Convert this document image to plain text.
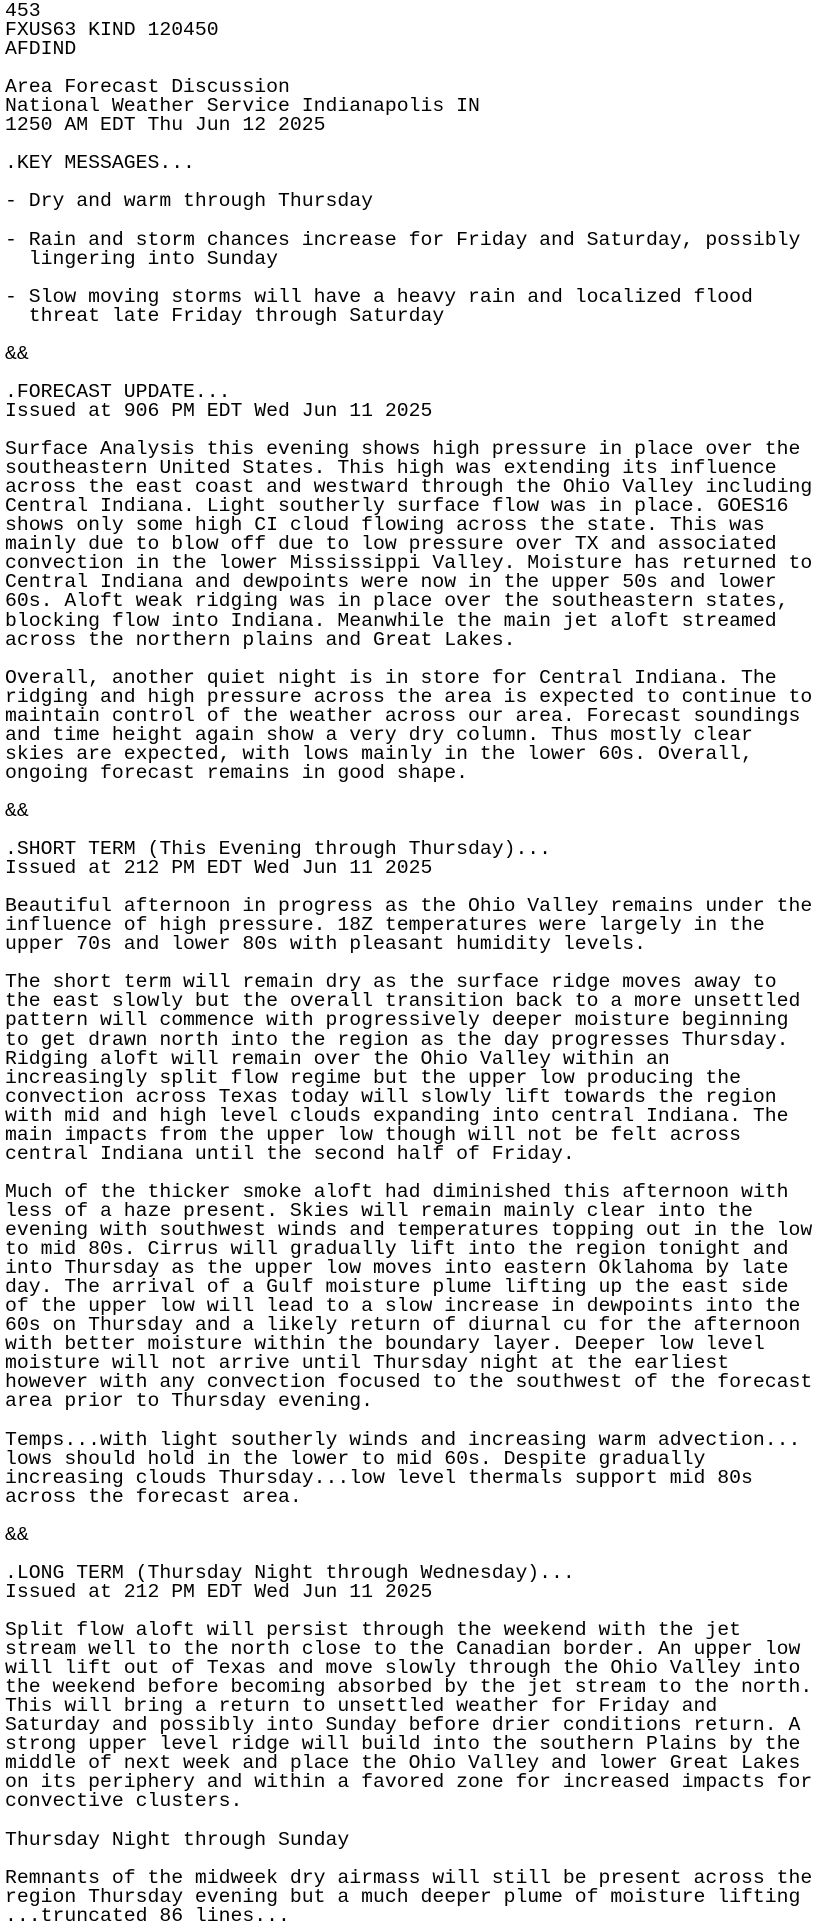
453
FXUS63 KIND 120450
AFDIND
Area Forecast Discussion
National Weather Service Indianapolis IN
1250 AM EDT Thu Jun 12 2025
.KEY MESSAGES...
- Dry and warm through Thursday
- Rain and storm chances increase for Friday and Saturday, possibly
lingering into Sunday
- Slow moving storms will have a heavy rain and localized flood
threat late Friday through Saturday
&&
.FORECAST UPDATE...
Issued at 906 PM EDT Wed Jun 11 2025
Surface Analysis this evening shows high pressure in place over the
southeastern United States. This high was extending its influence
across the east coast and westward through the Ohio Valley including
Central Indiana. Light southerly surface flow was in place. GOES16
shows only some high CI cloud flowing across the state. This was
mainly due to blow off due to low pressure over TX and associated
convection in the lower Mississippi Valley. Moisture has returned to
Central Indiana and dewpoints were now in the upper 50s and lower
60s. Aloft weak ridging was in place over the southeastern states,
blocking flow into Indiana. Meanwhile the main jet aloft streamed
across the northern plains and Great Lakes.
Overall, another quiet night is in store for Central Indiana. The
ridging and high pressure across the area is expected to continue to
maintain control of the weather across our area. Forecast soundings
and time height again show a very dry column. Thus mostly clear
skies are expected, with lows mainly in the lower 60s. Overall,
ongoing forecast remains in good shape.
&&
.SHORT TERM (This Evening through Thursday)...
Issued at 212 PM EDT Wed Jun 11 2025
Beautiful afternoon in progress as the Ohio Valley remains under the
influence of high pressure. 18Z temperatures were largely in the
upper 70s and lower 80s with pleasant humidity levels.
The short term will remain dry as the surface ridge moves away to
the east slowly but the overall transition back to a more unsettled
pattern will commence with progressively deeper moisture beginning
to get drawn north into the region as the day progresses Thursday.
Ridging aloft will remain over the Ohio Valley within an
increasingly split flow regime but the upper low producing the
convection across Texas today will slowly lift towards the region
with mid and high level clouds expanding into central Indiana. The
main impacts from the upper low though will not be felt across
central Indiana until the second half of Friday.
Much of the thicker smoke aloft had diminished this afternoon with
less of a haze present. Skies will remain mainly clear into the
evening with southwest winds and temperatures topping out in the low
to mid 80s. Cirrus will gradually lift into the region tonight and
into Thursday as the upper low moves into eastern Oklahoma by late
day. The arrival of a Gulf moisture plume lifting up the east side
of the upper low will lead to a slow increase in dewpoints into the
60s on Thursday and a likely return of diurnal cu for the afternoon
with better moisture within the boundary layer. Deeper low level
moisture will not arrive until Thursday night at the earliest
however with any convection focused to the southwest of the forecast
area prior to Thursday evening.
Temps...with light southerly winds and increasing warm advection...
lows should hold in the lower to mid 60s. Despite gradually
increasing clouds Thursday...low level thermals support mid 80s
across the forecast area.
&&
.LONG TERM (Thursday Night through Wednesday)...
Issued at 212 PM EDT Wed Jun 11 2025
Split flow aloft will persist through the weekend with the jet
stream well to the north close to the Canadian border. An upper low
will lift out of Texas and move slowly through the Ohio Valley into
the weekend before becoming absorbed by the jet stream to the north.
This will bring a return to unsettled weather for Friday and
Saturday and possibly into Sunday before drier conditions return. A
strong upper level ridge will build into the southern Plains by the
middle of next week and place the Ohio Valley and lower Great Lakes
on its periphery and within a favored zone for increased impacts for
convective clusters.
Thursday Night through Sunday
Remnants of the midweek dry airmass will still be present across the
region Thursday evening but a much deeper plume of moisture lifting
...truncated 86 lines...
